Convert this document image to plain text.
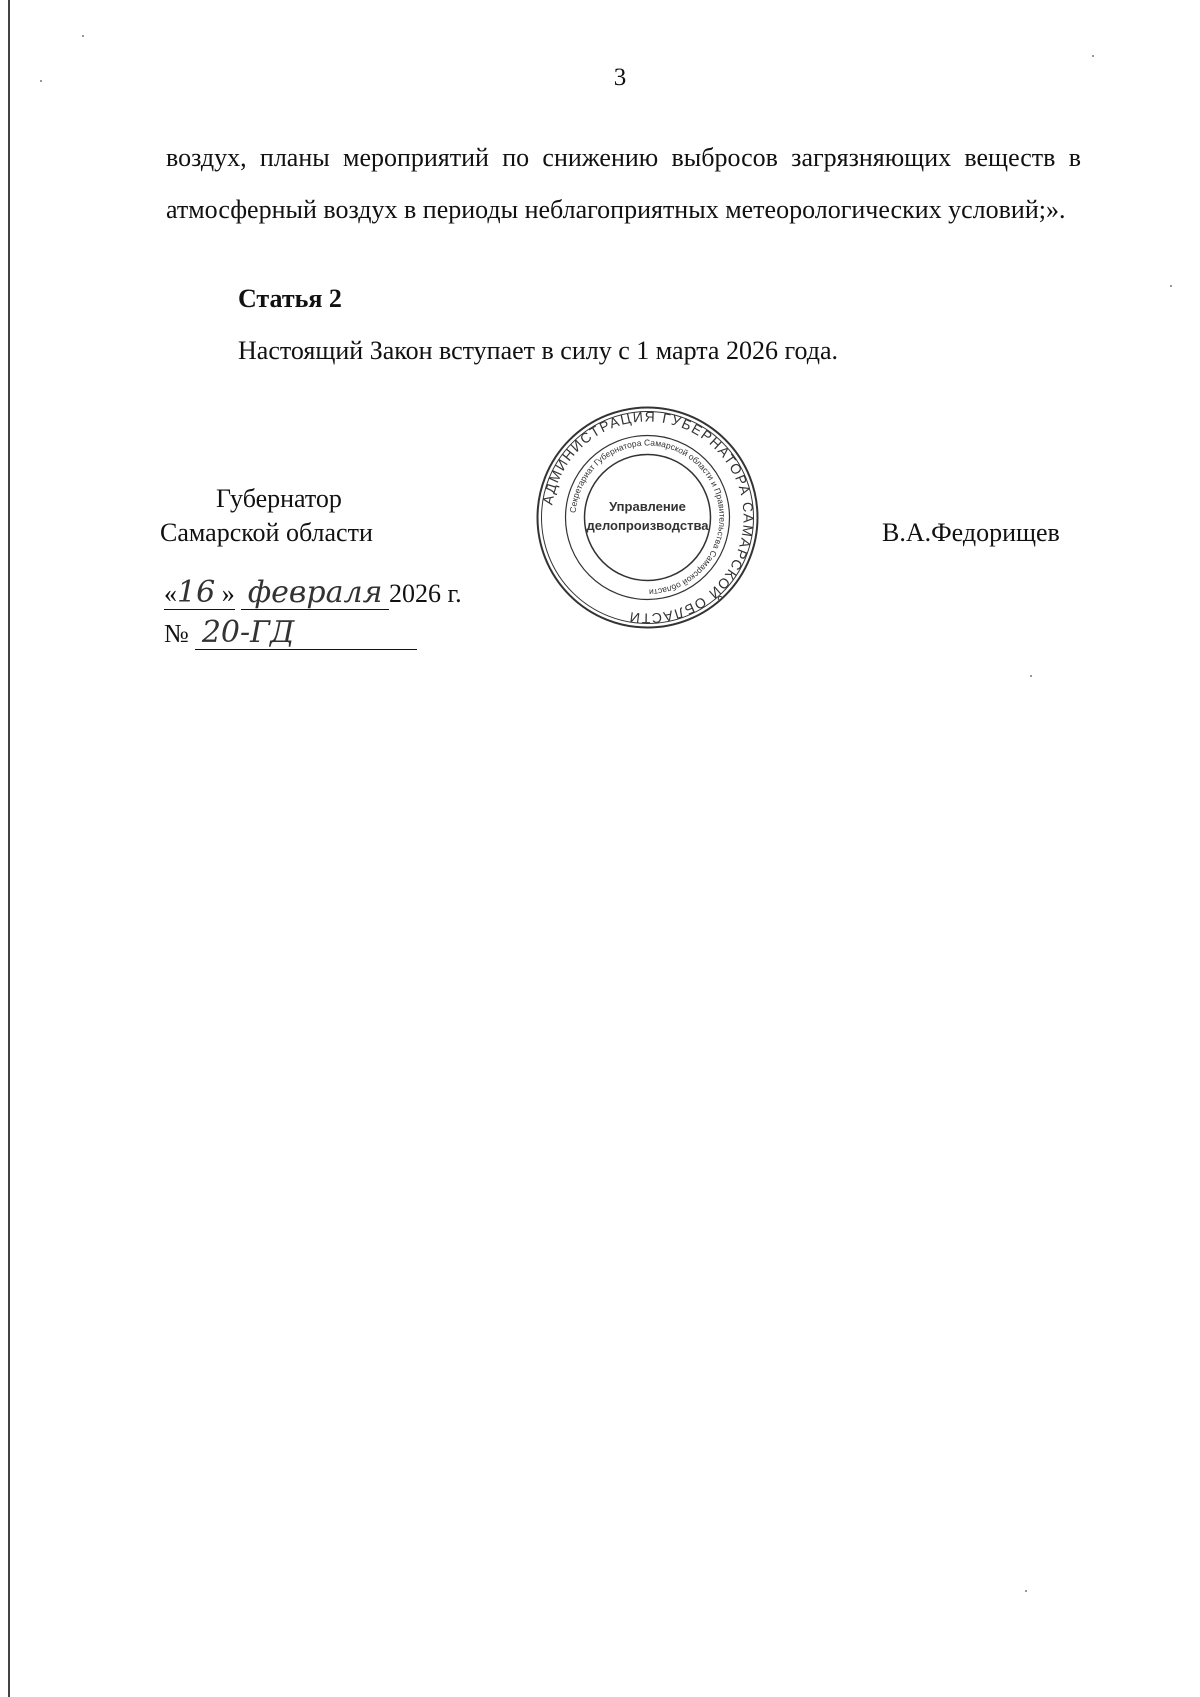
3
воздух, планы мероприятий по снижению выбросов загрязняющих веществ в атмосферный воздух в периоды неблагоприятных метеорологических условий;».
Статья 2
Настоящий Закон вступает в силу с 1 марта 2026 года.
Губернатор
Самарской области	В.А.Федорищев
АДМИНИСТРАЦИЯ ГУБЕРНАТОРА САМАРСКОЙ ОБЛАСТИ
Секретариат Губернатора Самарской области и Правительства Самарской области
Управление
делопроизводства
«16 » февраля 2026 г.
№ 20-ГД
